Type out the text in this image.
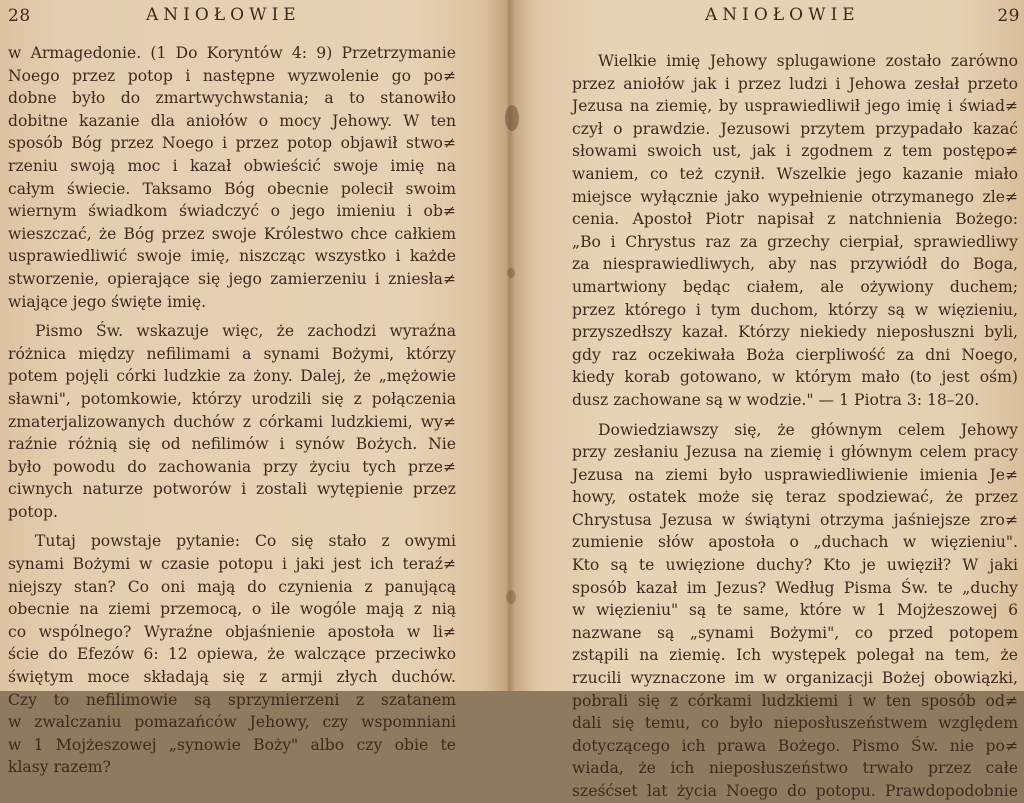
28	ANIOŁOWIE
w Armagedonie. (1 Do Koryntów 4: 9) Przetrzymanie
Noego przez potop i następne wyzwolenie go po≠
dobne było do zmartwychwstania; a to stanowiło
dobitne kazanie dla aniołów o mocy Jehowy. W ten
sposób Bóg przez Noego i przez potop objawił stwo≠
rzeniu swoją moc i kazał obwieścić swoje imię na
całym świecie. Taksamo Bóg obecnie polecił swoim
wiernym świadkom świadczyć o jego imieniu i ob≠
wieszczać, że Bóg przez swoje Królestwo chce całkiem
usprawiedliwić swoje imię, niszcząc wszystko i każde
stworzenie, opierające się jego zamierzeniu i zniesła≠
wiające jego święte imię.
Pismo Św. wskazuje więc, że zachodzi wyraźna
różnica między nefilimami a synami Bożymi, którzy
potem pojęli córki ludzkie za żony. Dalej, że „mężowie
sławni", potomkowie, którzy urodzili się z połączenia
zmaterjalizowanych duchów z córkami ludzkiemi, wy≠
raźnie różnią się od nefilimów i synów Bożych. Nie
było powodu do zachowania przy życiu tych prze≠
ciwnych naturze potworów i zostali wytępienie przez
potop.
Tutaj powstaje pytanie: Co się stało z owymi
synami Bożymi w czasie potopu i jaki jest ich teraź≠
niejszy stan? Co oni mają do czynienia z panującą
obecnie na ziemi przemocą, o ile wogóle mają z nią
co wspólnego? Wyraźne objaśnienie apostoła w li≠
ście do Efezów 6: 12 opiewa, że walczące przeciwko
świętym moce składają się z armji złych duchów.
Czy to nefilimowie są sprzymierzeni z szatanem
w zwalczaniu pomazańców Jehowy, czy wspomniani
w 1 Mojżeszowej „synowie Boży" albo czy obie te
klasy razem?
ANIOŁOWIE	29
Wielkie imię Jehowy splugawione zostało zarówno
przez aniołów jak i przez ludzi i Jehowa zesłał przeto
Jezusa na ziemię, by usprawiedliwił jego imię i świad≠
czył o prawdzie. Jezusowi przytem przypadało kazać
słowami swoich ust, jak i zgodnem z tem postępo≠
waniem, co też czynił. Wszelkie jego kazanie miało
miejsce wyłącznie jako wypełnienie otrzymanego zle≠
cenia. Apostoł Piotr napisał z natchnienia Bożego:
„Bo i Chrystus raz za grzechy cierpiał, sprawiedliwy
za niesprawiedliwych, aby nas przywiódł do Boga,
umartwiony będąc ciałem, ale ożywiony duchem;
przez którego i tym duchom, którzy są w więzieniu,
przyszedłszy kazał. Którzy niekiedy nieposłuszni byli,
gdy raz oczekiwała Boża cierpliwość za dni Noego,
kiedy korab gotowano, w którym mało (to jest ośm)
dusz zachowane są w wodzie." — 1 Piotra 3: 18–20.
Dowiedziawszy się, że głównym celem Jehowy
przy zesłaniu Jezusa na ziemię i głównym celem pracy
Jezusa na ziemi było usprawiedliwienie imienia Je≠
howy, ostatek może się teraz spodziewać, że przez
Chrystusa Jezusa w świątyni otrzyma jaśniejsze zro≠
zumienie słów apostoła o „duchach w więzieniu".
Kto są te uwięzione duchy? Kto je uwięził? W jaki
sposób kazał im Jezus? Według Pisma Św. te „duchy
w więzieniu" są te same, które w 1 Mojżeszowej 6
nazwane są „synami Bożymi", co przed potopem
zstąpili na ziemię. Ich występek polegał na tem, że
rzucili wyznaczone im w organizacji Bożej obowiązki,
pobrali się z córkami ludzkiemi i w ten sposób od≠
dali się temu, co było nieposłuszeństwem względem
dotyczącego ich prawa Bożego. Pismo Św. nie po≠
wiada, że ich nieposłuszeństwo trwało przez całe
sześćset lat życia Noego do potopu. Prawdopodobnie
